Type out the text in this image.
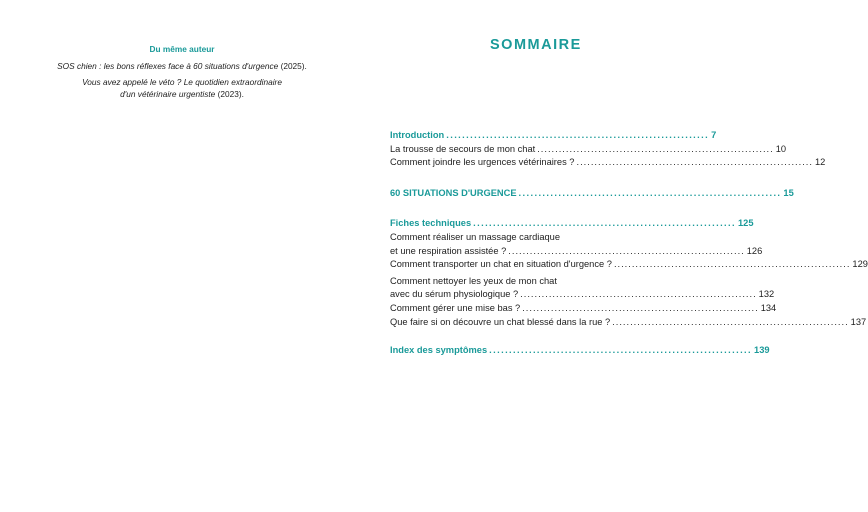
Du même auteur
SOS chien : les bons réflexes face à 60 situations d'urgence (2025).
Vous avez appelé le véto ? Le quotidien extraordinaire
d'un vétérinaire urgentiste (2023).
SOMMAIRE
Introduction .................................................................. 7
La trousse de secours de mon chat .................................................................. 10
Comment joindre les urgences vétérinaires ? .................................................................. 12
60 SITUATIONS D'URGENCE .................................................................. 15
Fiches techniques .................................................................. 125
Comment réaliser un massage cardiaque
et une respiration assistée ? .................................................................. 126
Comment transporter un chat en situation d'urgence ? .................................................................. 129
Comment nettoyer les yeux de mon chat
avec du sérum physiologique ? .................................................................. 132
Comment gérer une mise bas ? .................................................................. 134
Que faire si on découvre un chat blessé dans la rue ? .................................................................. 137
Index des symptômes .................................................................. 139
